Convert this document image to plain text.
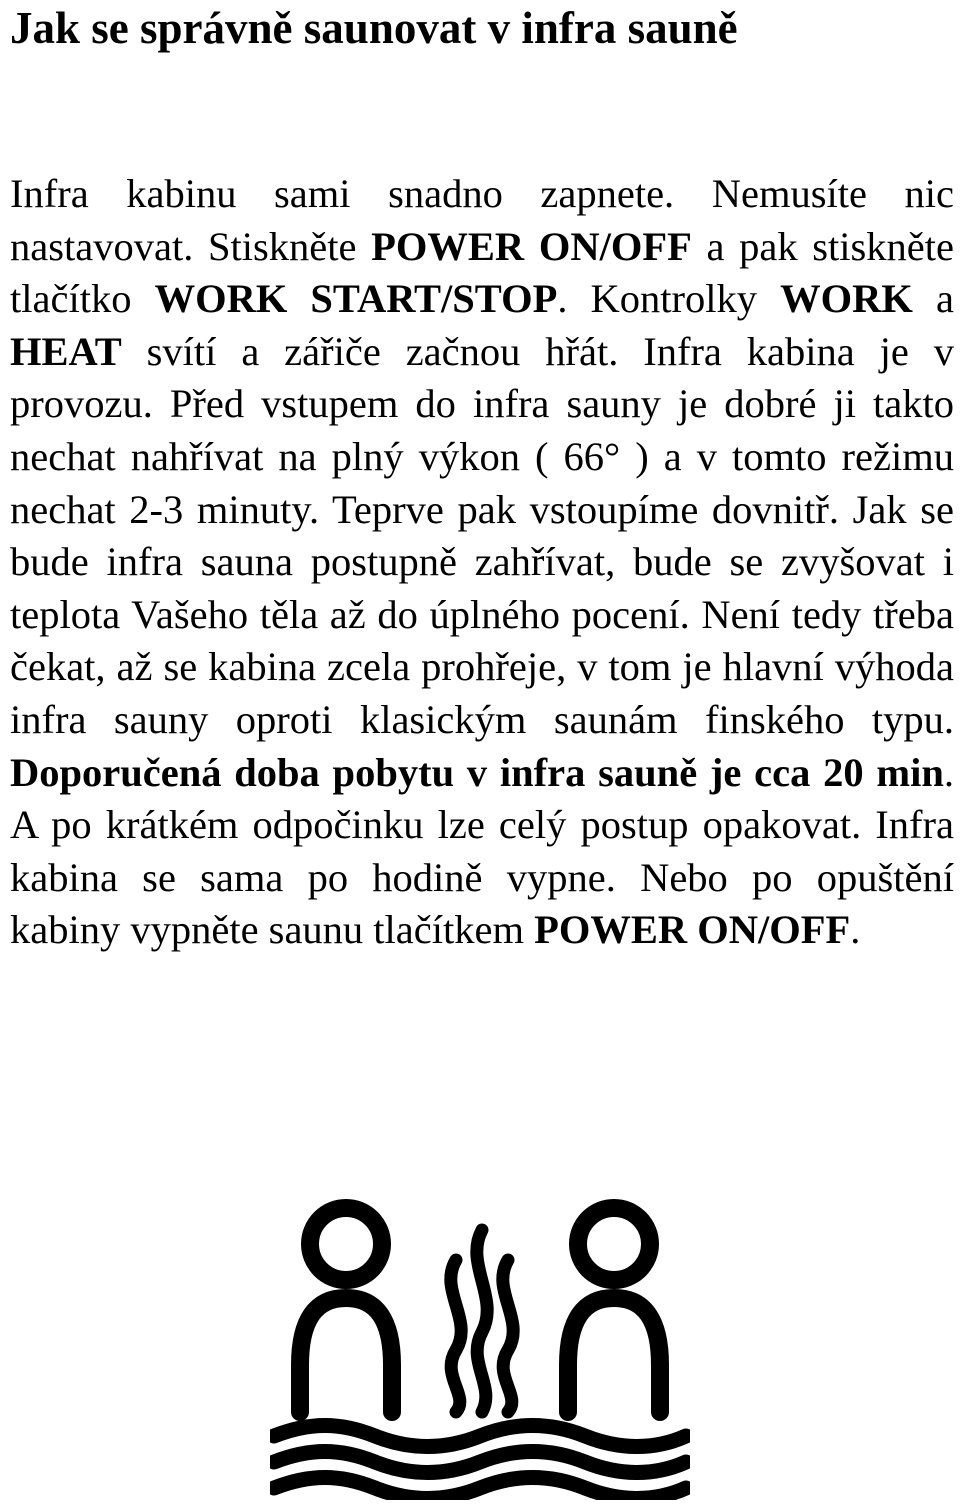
Jak se správně saunovat v infra sauně

Infra kabinu sami snadno zapnete. Nemusíte nic nastavovat. Stiskněte POWER ON/OFF a pak stiskněte tlačítko WORK START/STOP. Kontrolky WORK a HEAT svítí a zářiče začnou hřát. Infra kabina je v provozu. Před vstupem do infra sauny je dobré ji takto nechat nahřívat na plný výkon ( 66° ) a v tomto režimu nechat 2-3 minuty. Teprve pak vstoupíme dovnitř. Jak se bude infra sauna postupně zahřívat, bude se zvyšovat i teplota Vašeho těla až do úplného pocení. Není tedy třeba čekat, až se kabina zcela prohřeje, v tom je hlavní výhoda infra sauny oproti klasickým saunám finského typu. Doporučená doba pobytu v infra sauně je cca 20 min. A po krátkém odpočinku lze celý postup opakovat. Infra kabina se sama po hodině vypne. Nebo po opuštění kabiny vypněte saunu tlačítkem POWER ON/OFF.
